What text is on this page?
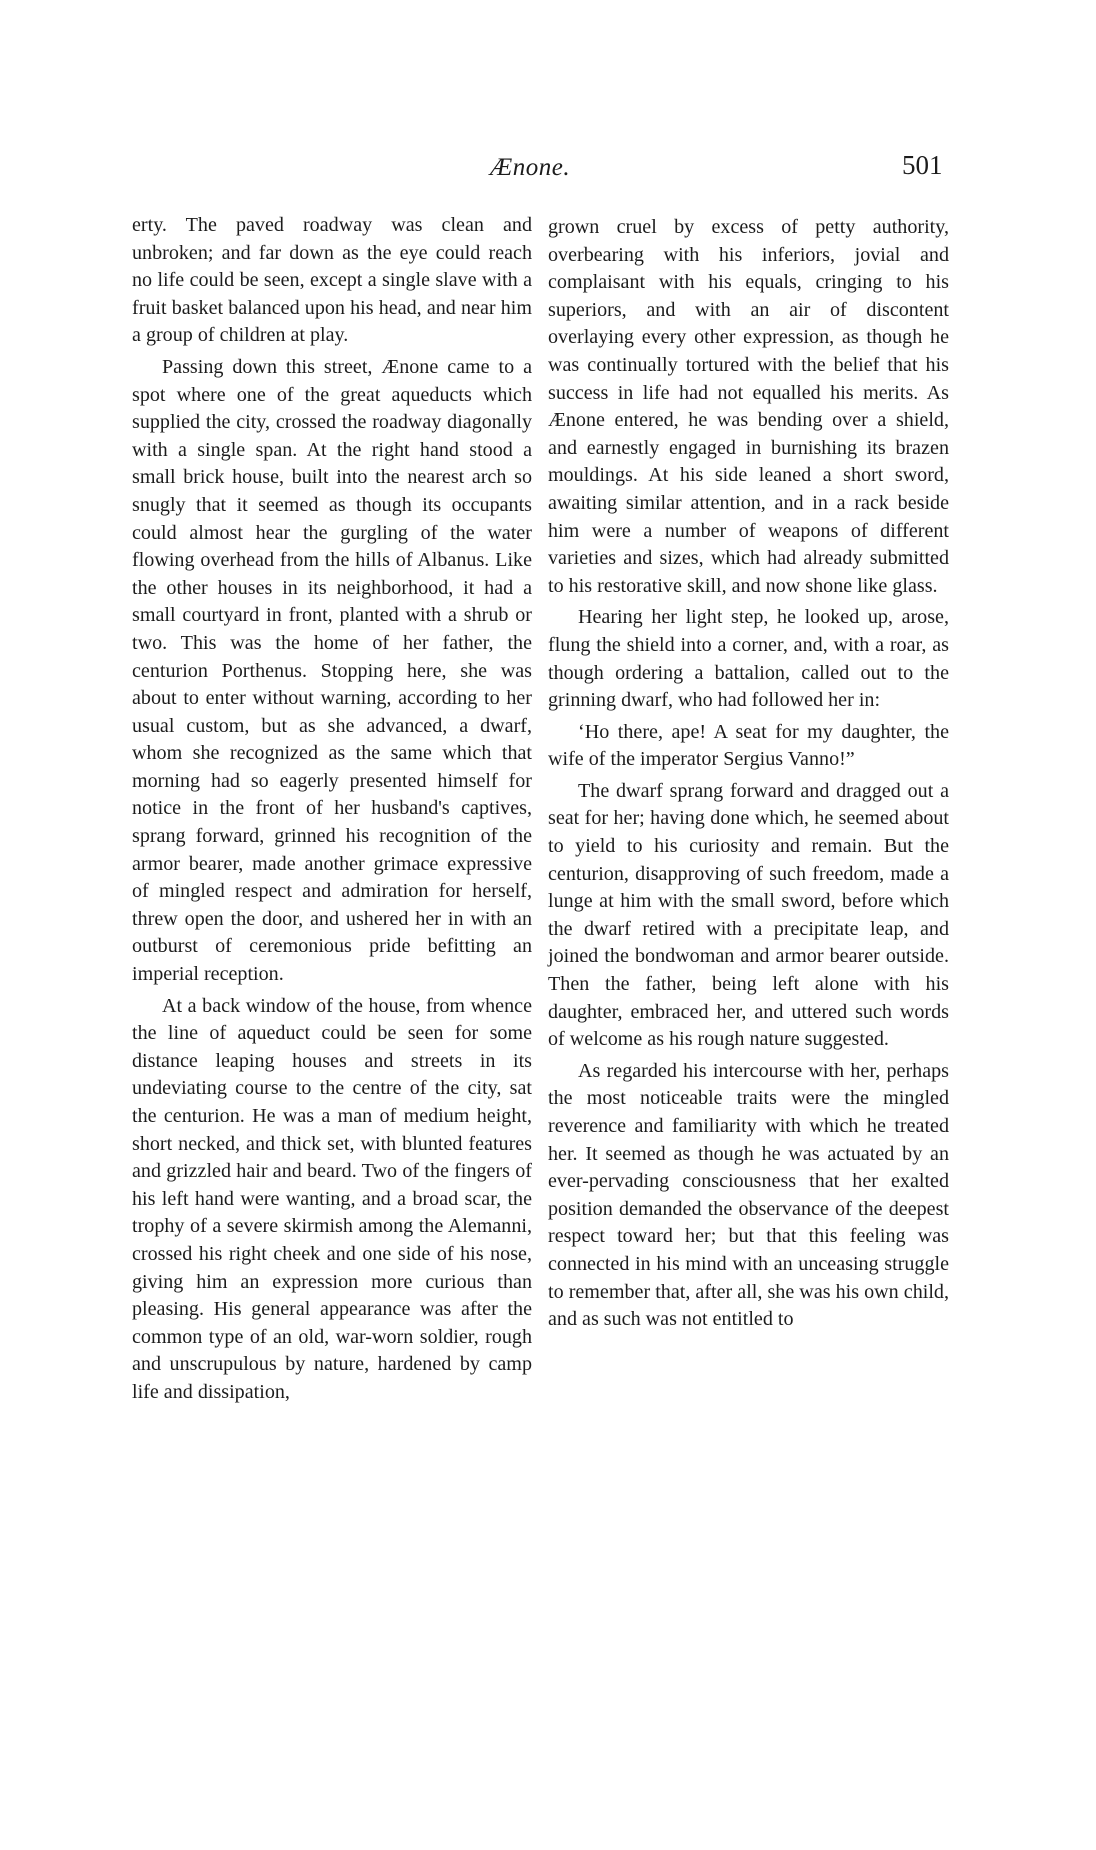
Ænone.	501

erty. The paved roadway was clean and unbroken; and far down as the eye could reach no life could be seen, except a single slave with a fruit basket balanced upon his head, and near him a group of children at play.

Passing down this street, Ænone came to a spot where one of the great aqueducts which supplied the city, crossed the roadway diagonally with a single span. At the right hand stood a small brick house, built into the nearest arch so snugly that it seemed as though its occupants could almost hear the gurgling of the water flowing overhead from the hills of Albanus. Like the other houses in its neighborhood, it had a small courtyard in front, planted with a shrub or two. This was the home of her father, the centurion Porthenus. Stopping here, she was about to enter without warning, according to her usual custom, but as she advanced, a dwarf, whom she recognized as the same which that morning had so eagerly presented himself for notice in the front of her husband's captives, sprang forward, grinned his recognition of the armor bearer, made another grimace expressive of mingled respect and admiration for herself, threw open the door, and ushered her in with an outburst of ceremonious pride befitting an imperial reception.

At a back window of the house, from whence the line of aqueduct could be seen for some distance leaping houses and streets in its undeviating course to the centre of the city, sat the centurion. He was a man of medium height, short necked, and thick set, with blunted features and grizzled hair and beard. Two of the fingers of his left hand were wanting, and a broad scar, the trophy of a severe skirmish among the Alemanni, crossed his right cheek and one side of his nose, giving him an expression more curious than pleasing. His general appearance was after the common type of an old, war-worn soldier, rough and unscrupulous by nature, hardened by camp life and dissipation,

grown cruel by excess of petty authority, overbearing with his inferiors, jovial and complaisant with his equals, cringing to his superiors, and with an air of discontent overlaying every other expression, as though he was continually tortured with the belief that his success in life had not equalled his merits. As Ænone entered, he was bending over a shield, and earnestly engaged in burnishing its brazen mouldings. At his side leaned a short sword, awaiting similar attention, and in a rack beside him were a number of weapons of different varieties and sizes, which had already submitted to his restorative skill, and now shone like glass.

Hearing her light step, he looked up, arose, flung the shield into a corner, and, with a roar, as though ordering a battalion, called out to the grinning dwarf, who had followed her in:

‘Ho there, ape! A seat for my daughter, the wife of the imperator Sergius Vanno!”

The dwarf sprang forward and dragged out a seat for her; having done which, he seemed about to yield to his curiosity and remain. But the centurion, disapproving of such freedom, made a lunge at him with the small sword, before which the dwarf retired with a precipitate leap, and joined the bondwoman and armor bearer outside. Then the father, being left alone with his daughter, embraced her, and uttered such words of welcome as his rough nature suggested.

As regarded his intercourse with her, perhaps the most noticeable traits were the mingled reverence and familiarity with which he treated her. It seemed as though he was actuated by an ever-pervading consciousness that her exalted position demanded the observance of the deepest respect toward her; but that this feeling was connected in his mind with an unceasing struggle to remember that, after all, she was his own child, and as such was not entitled to
